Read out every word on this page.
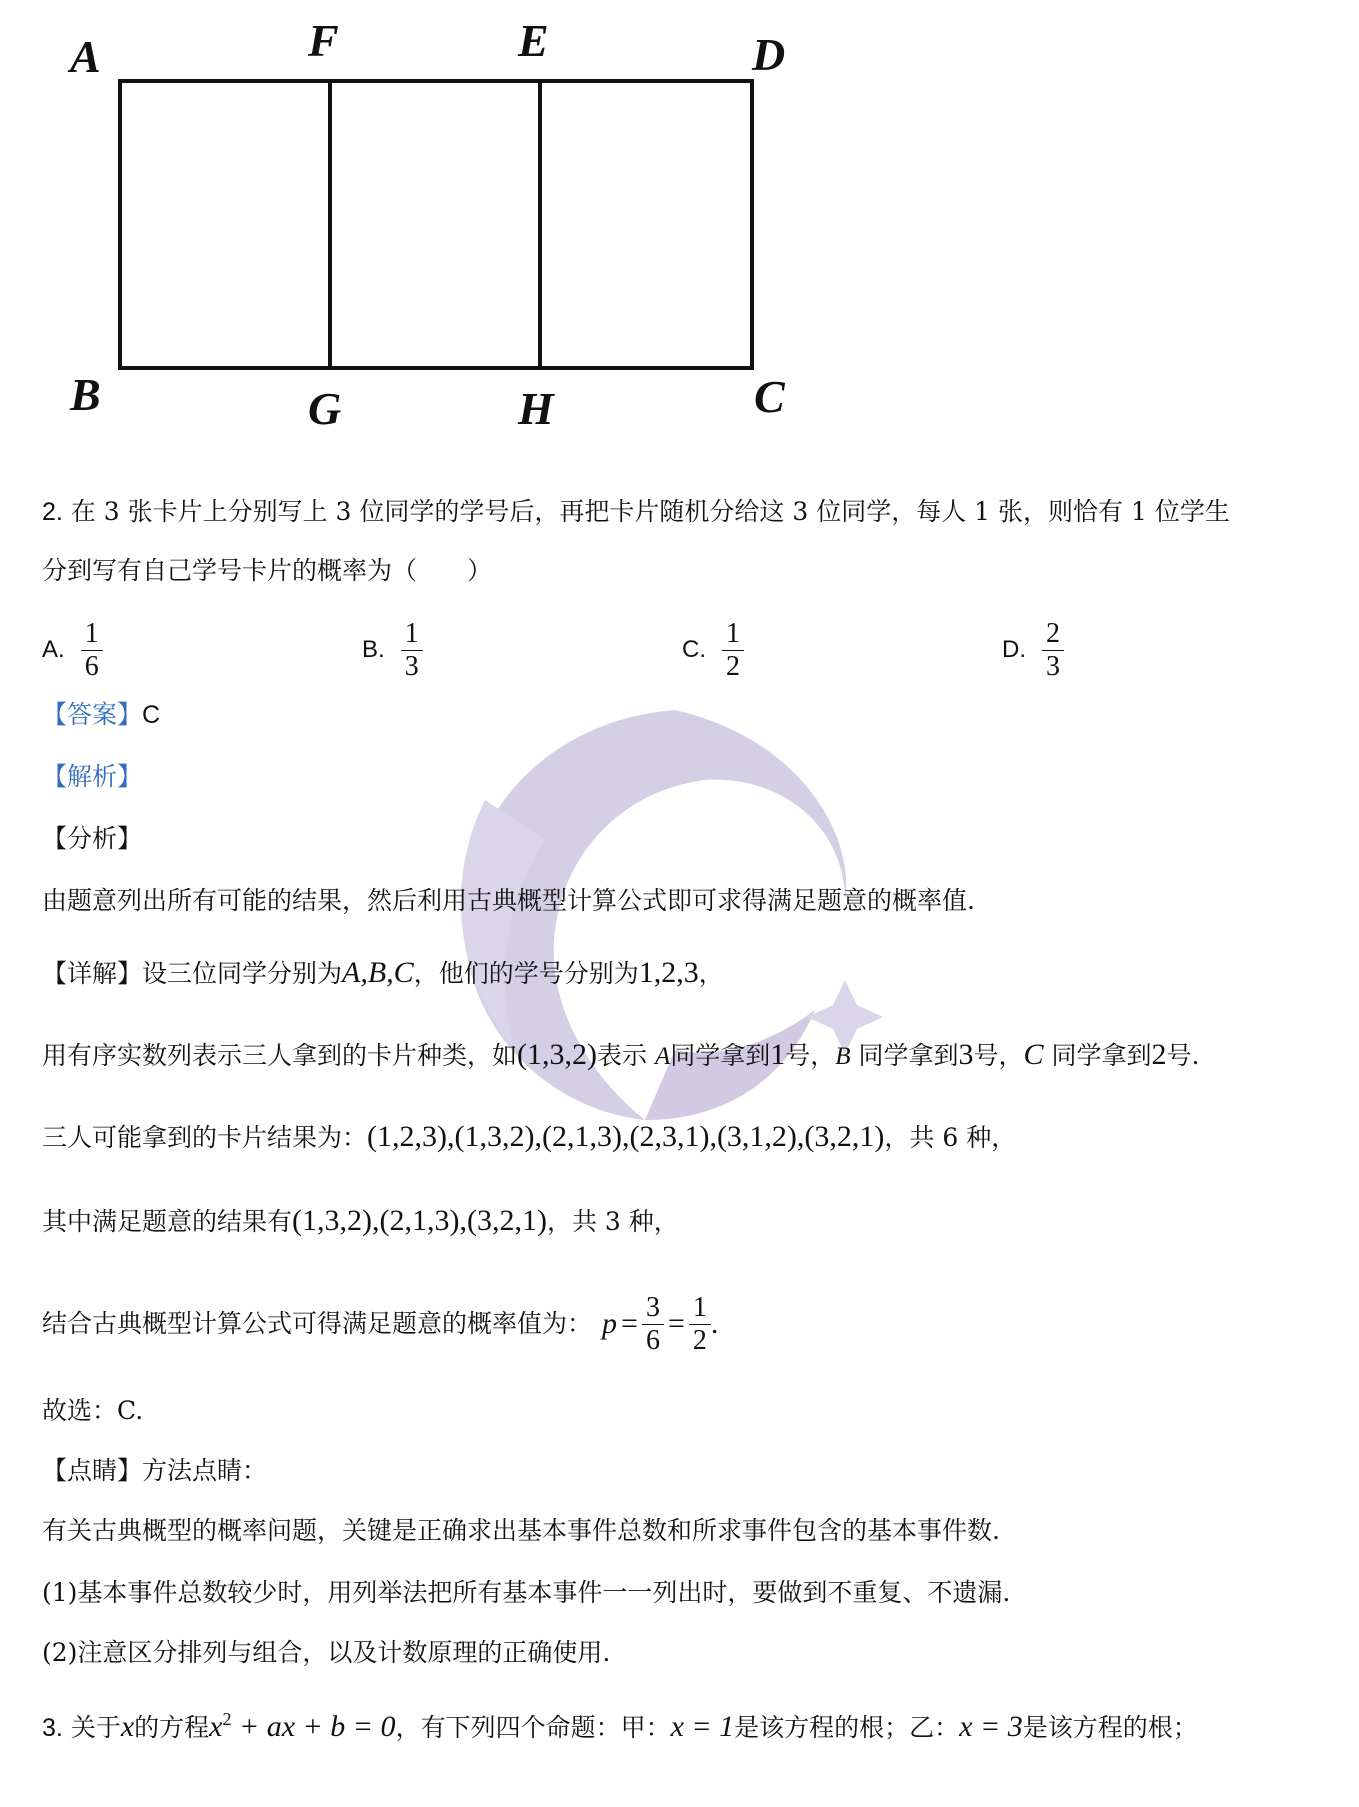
A	F	E	D
B	G	H	C
2. 在 3 张卡片上分别写上 3 位同学的学号后，再把卡片随机分给这 3 位同学，每人 1 张，则恰有 1 位学生
分到写有自己学号卡片的概率为（　　）
A. $\frac{1}{6}$	B. $\frac{1}{3}$	C. $\frac{1}{2}$	D. $\frac{2}{3}$
【答案】C
【解析】
【分析】
由题意列出所有可能的结果，然后利用古典概型计算公式即可求得满足题意的概率值.
【详解】设三位同学分别为A,B,C，他们的学号分别为1,2,3，
用有序实数列表示三人拿到的卡片种类，如(1,3,2)表示 A同学拿到1号，B 同学拿到3号，C 同学拿到2号.
三人可能拿到的卡片结果为：(1,2,3),(1,3,2),(2,1,3),(2,3,1),(3,1,2),(3,2,1)，共 6 种，
其中满足题意的结果有(1,3,2),(2,1,3),(3,2,1)，共 3 种，
结合古典概型计算公式可得满足题意的概率值为： $p = \frac{3}{6} = \frac{1}{2}$ .
故选：C.
【点睛】方法点睛：
有关古典概型的概率问题，关键是正确求出基本事件总数和所求事件包含的基本事件数.
(1)基本事件总数较少时，用列举法把所有基本事件一一列出时，要做到不重复、不遗漏.
(2)注意区分排列与组合，以及计数原理的正确使用.
3. 关于x的方程$x^2$ + ax + b = 0，有下列四个命题：甲：x = 1是该方程的根；乙：x = 3是该方程的根；
